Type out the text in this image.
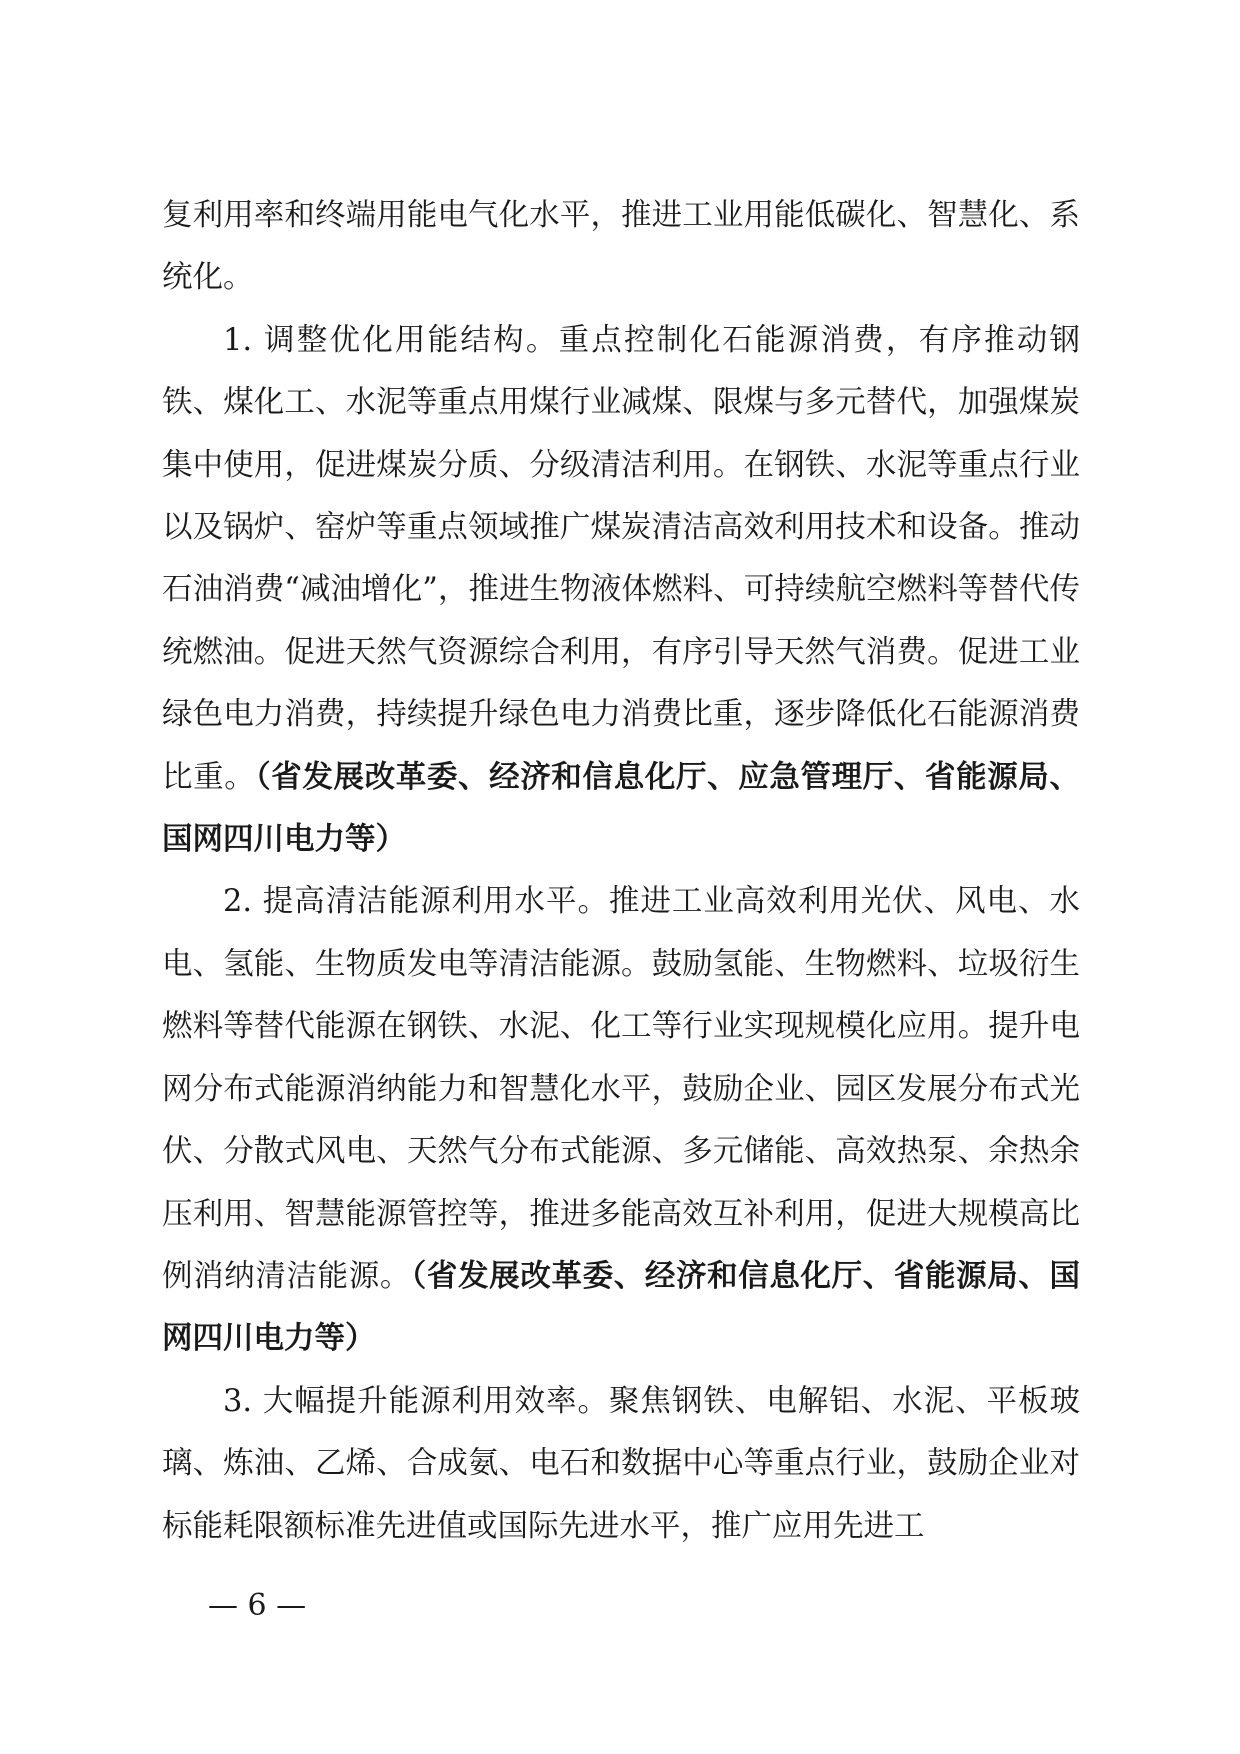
复利用率和终端用能电气化水平，推进工业用能低碳化、智慧化、系统化。

1. 调整优化用能结构。重点控制化石能源消费，有序推动钢铁、煤化工、水泥等重点用煤行业减煤、限煤与多元替代，加强煤炭集中使用，促进煤炭分质、分级清洁利用。在钢铁、水泥等重点行业以及锅炉、窑炉等重点领域推广煤炭清洁高效利用技术和设备。推动石油消费“减油增化”，推进生物液体燃料、可持续航空燃料等替代传统燃油。促进天然气资源综合利用，有序引导天然气消费。促进工业绿色电力消费，持续提升绿色电力消费比重，逐步降低化石能源消费比重。（省发展改革委、经济和信息化厅、应急管理厅、省能源局、国网四川电力等）

2. 提高清洁能源利用水平。推进工业高效利用光伏、风电、水电、氢能、生物质发电等清洁能源。鼓励氢能、生物燃料、垃圾衍生燃料等替代能源在钢铁、水泥、化工等行业实现规模化应用。提升电网分布式能源消纳能力和智慧化水平，鼓励企业、园区发展分布式光伏、分散式风电、天然气分布式能源、多元储能、高效热泵、余热余压利用、智慧能源管控等，推进多能高效互补利用，促进大规模高比例消纳清洁能源。（省发展改革委、经济和信息化厅、省能源局、国网四川电力等）

3. 大幅提升能源利用效率。聚焦钢铁、电解铝、水泥、平板玻璃、炼油、乙烯、合成氨、电石和数据中心等重点行业，鼓励企业对标能耗限额标准先进值或国际先进水平，推广应用先进工

— 6 —
